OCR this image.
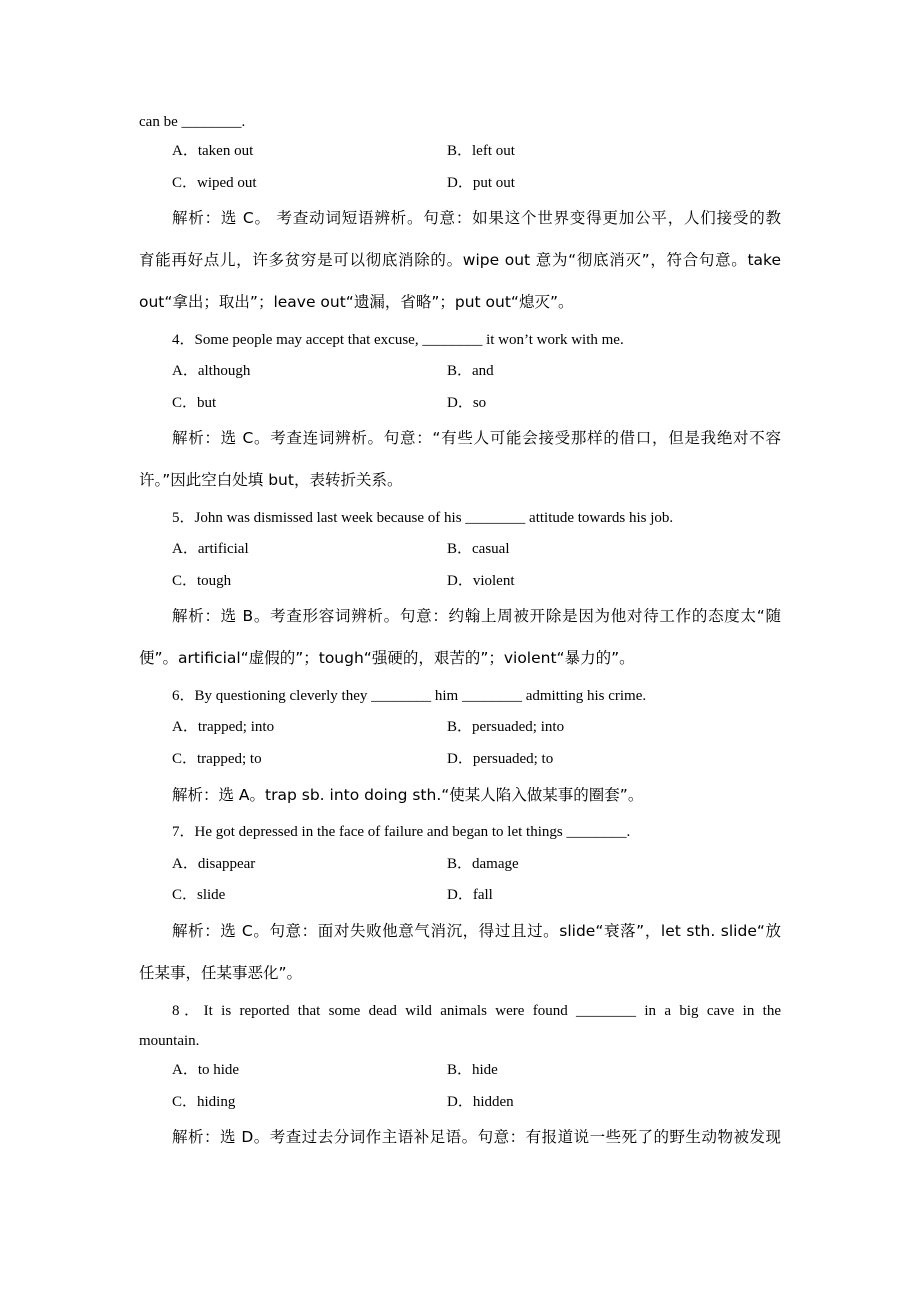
can be ________.
A．taken out	B．left out
C．wiped out	D．put out
解析：选 C。 考查动词短语辨析。句意：如果这个世界变得更加公平，人们接受的教
育能再好点儿，许多贫穷是可以彻底消除的。wipe out 意为“彻底消灭”，符合句意。take
out“拿出；取出”；leave out“遗漏，省略”；put out“熄灭”。
4．Some people may accept that excuse, ________ it won’t work with me.
A．although	B．and
C．but	D．so
解析：选 C。考查连词辨析。句意：“有些人可能会接受那样的借口，但是我绝对不容
许。”因此空白处填 but，表转折关系。
5．John was dismissed last week because of his ________ attitude towards his job.
A．artificial	B．casual
C．tough	D．violent
解析：选 B。考查形容词辨析。句意：约翰上周被开除是因为他对待工作的态度太“随
便”。artificial“虚假的”；tough“强硬的，艰苦的”；violent“暴力的”。
6．By questioning cleverly they ________ him ________ admitting his crime.
A．trapped; into	B．persuaded; into
C．trapped; to	D．persuaded; to
解析：选 A。trap sb. into doing sth.“使某人陷入做某事的圈套”。
7．He got depressed in the face of failure and began to let things ________.
A．disappear	B．damage
C．slide	D．fall
解析：选 C。句意：面对失败他意气消沉，得过且过。slide“衰落”，let sth. slide“放
任某事，任某事恶化”。
8．It is reported that some dead wild animals were found ________ in a big cave in the
mountain.
A．to hide	B．hide
C．hiding	D．hidden
解析：选 D。考查过去分词作主语补足语。句意：有报道说一些死了的野生动物被发现
